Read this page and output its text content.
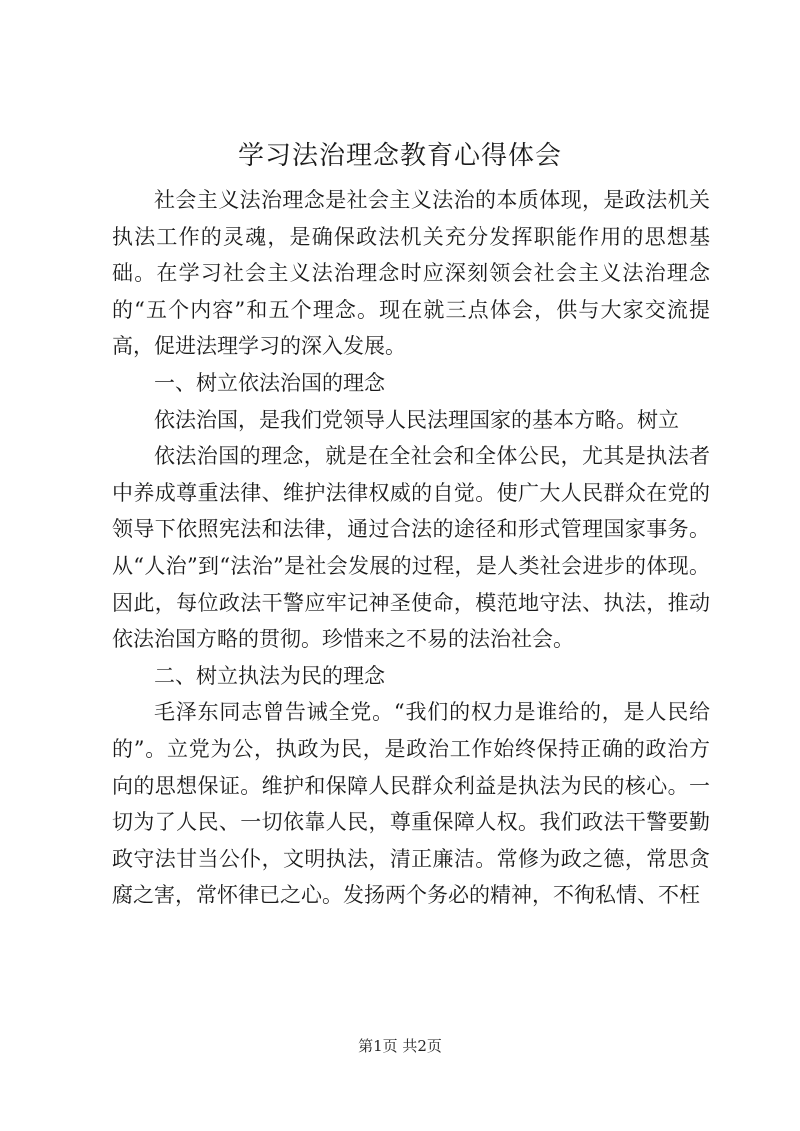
学习法治理念教育心得体会

社会主义法治理念是社会主义法治的本质体现，是政法机关执法工作的灵魂，是确保政法机关充分发挥职能作用的思想基础。在学习社会主义法治理念时应深刻领会社会主义法治理念的“五个内容”和五个理念。现在就三点体会，供与大家交流提高，促进法理学习的深入发展。

一、树立依法治国的理念

依法治国，是我们党领导人民法理国家的基本方略。树立

依法治国的理念，就是在全社会和全体公民，尤其是执法者中养成尊重法律、维护法律权威的自觉。使广大人民群众在党的领导下依照宪法和法律，通过合法的途径和形式管理国家事务。从“人治”到“法治”是社会发展的过程，是人类社会进步的体现。因此，每位政法干警应牢记神圣使命，模范地守法、执法，推动依法治国方略的贯彻。珍惜来之不易的法治社会。

二、树立执法为民的理念

毛泽东同志曾告诫全党。“我们的权力是谁给的，是人民给的”。立党为公，执政为民，是政治工作始终保持正确的政治方向的思想保证。维护和保障人民群众利益是执法为民的核心。一切为了人民、一切依靠人民，尊重保障人权。我们政法干警要勤政守法甘当公仆，文明执法，清正廉洁。常修为政之德，常思贪腐之害，常怀律已之心。发扬两个务必的精神，不徇私情、不枉

第1页 共2页
